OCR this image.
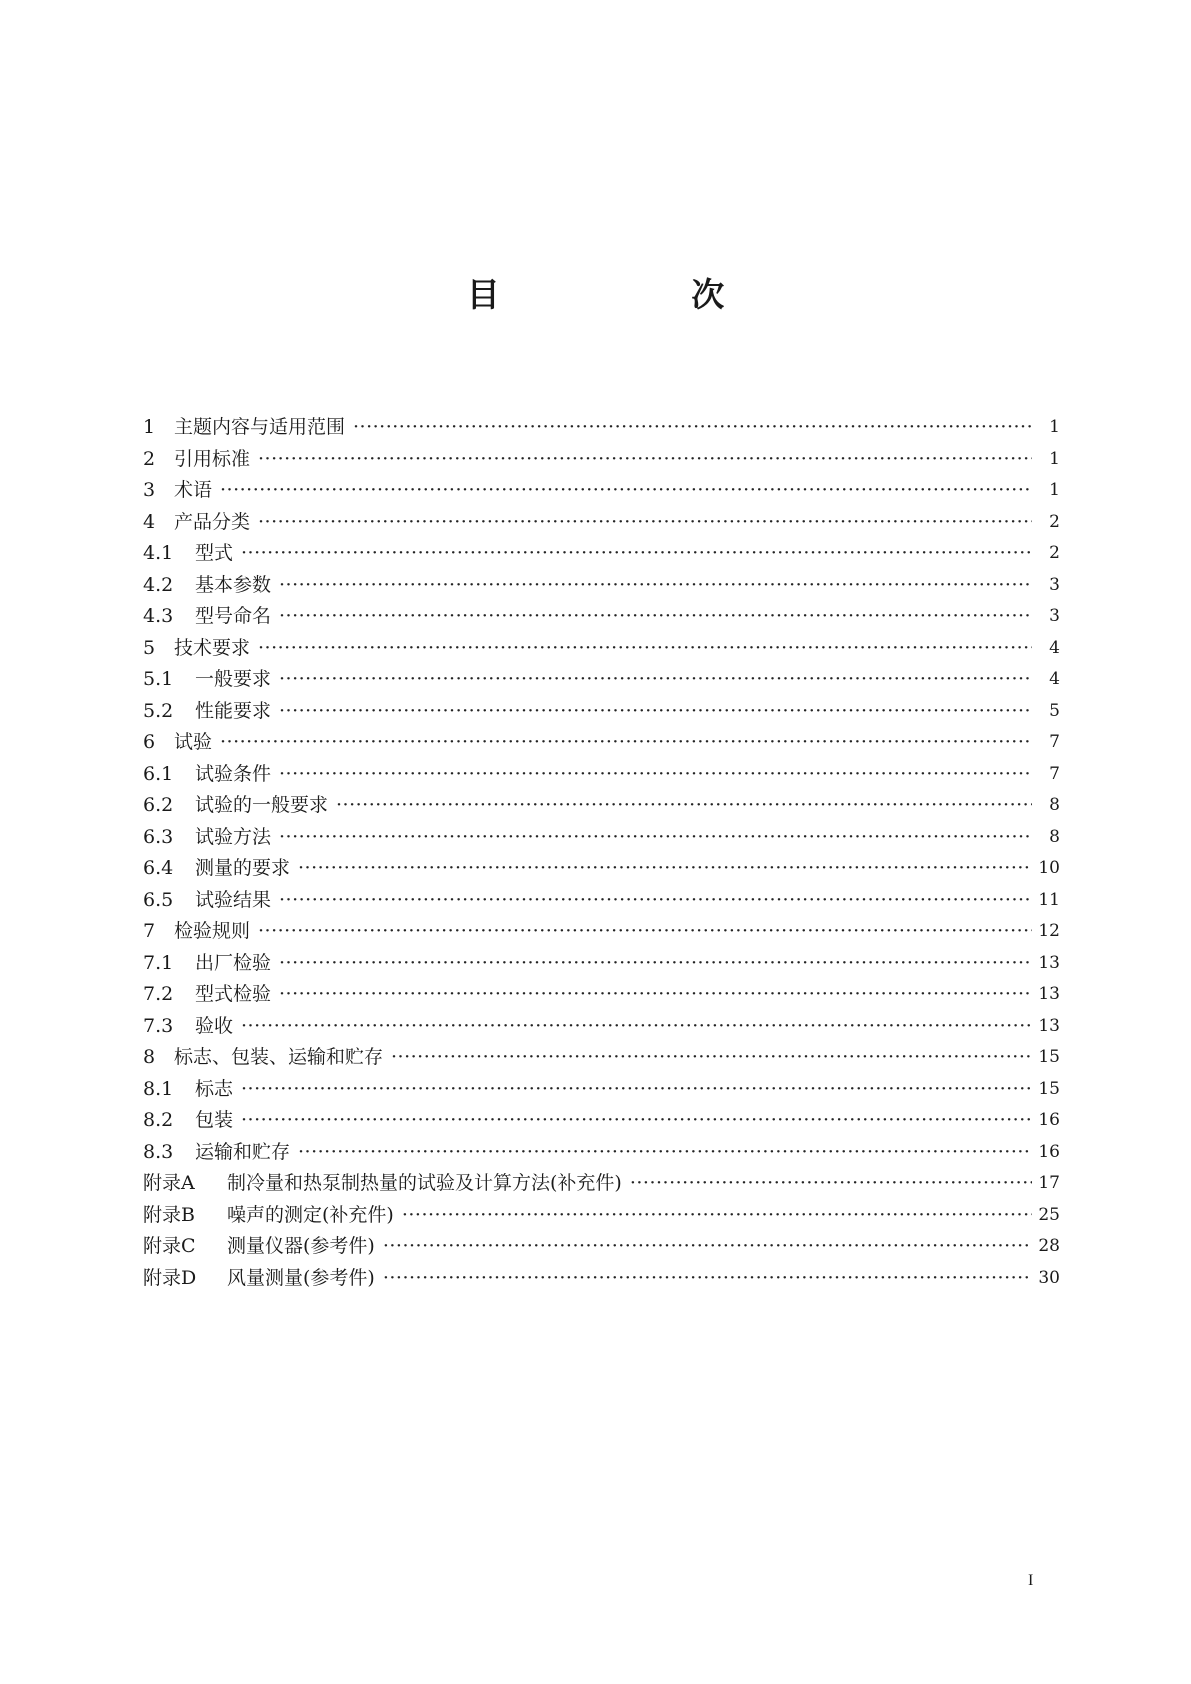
目 次
1 主题内容与适用范围 ·····	1
2 引用标准 ·····	1
3 术语 ·····	1
4 产品分类 ·····	2
4.1	型式 ·····	2
4.2	基本参数 ·····	3
4.3	型号命名 ·····	3
5 技术要求 ·····	4
5.1	一般要求 ·····	4
5.2	性能要求 ·····	5
6 试验 ·····	7
6.1	试验条件 ·····	7
6.2	试验的一般要求 ·····	8
6.3	试验方法 ·····	8
6.4	测量的要求 ·····	10
6.5	试验结果 ·····	11
7 检验规则 ·····	12
7.1	出厂检验 ·····	13
7.2	型式检验 ·····	13
7.3	验收 ·····	13
8 标志、包装、运输和贮存 ·····	15
8.1	标志 ·····	15
8.2	包装 ·····	16
8.3	运输和贮存 ·····	16
附录A	制冷量和热泵制热量的试验及计算方法(补充件) ·····	17
附录B	噪声的测定(补充件) ·····	25
附录C	测量仪器(参考件) ·····	28
附录D	风量测量(参考件) ·····	30
I
